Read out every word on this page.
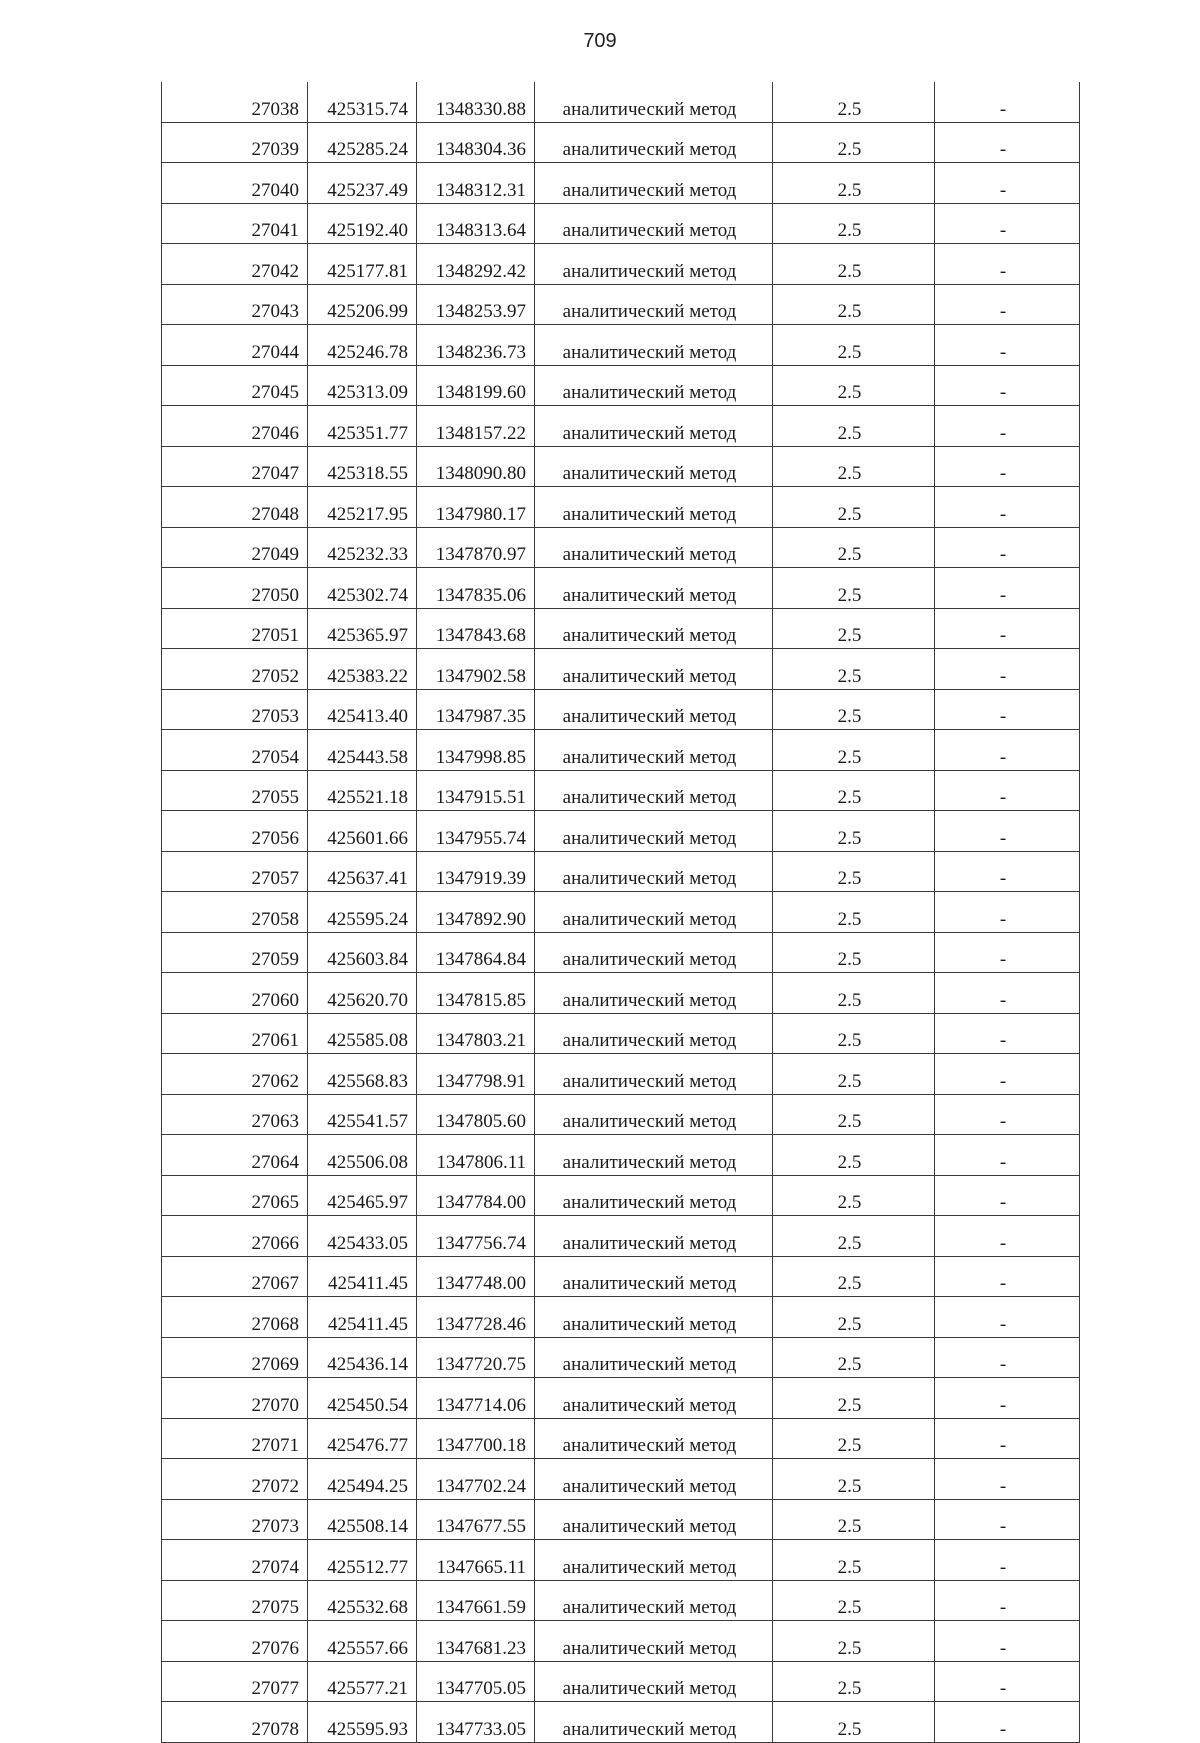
709
27038	425315.74	1348330.88	аналитический метод	2.5	-
27039	425285.24	1348304.36	аналитический метод	2.5	-
27040	425237.49	1348312.31	аналитический метод	2.5	-
27041	425192.40	1348313.64	аналитический метод	2.5	-
27042	425177.81	1348292.42	аналитический метод	2.5	-
27043	425206.99	1348253.97	аналитический метод	2.5	-
27044	425246.78	1348236.73	аналитический метод	2.5	-
27045	425313.09	1348199.60	аналитический метод	2.5	-
27046	425351.77	1348157.22	аналитический метод	2.5	-
27047	425318.55	1348090.80	аналитический метод	2.5	-
27048	425217.95	1347980.17	аналитический метод	2.5	-
27049	425232.33	1347870.97	аналитический метод	2.5	-
27050	425302.74	1347835.06	аналитический метод	2.5	-
27051	425365.97	1347843.68	аналитический метод	2.5	-
27052	425383.22	1347902.58	аналитический метод	2.5	-
27053	425413.40	1347987.35	аналитический метод	2.5	-
27054	425443.58	1347998.85	аналитический метод	2.5	-
27055	425521.18	1347915.51	аналитический метод	2.5	-
27056	425601.66	1347955.74	аналитический метод	2.5	-
27057	425637.41	1347919.39	аналитический метод	2.5	-
27058	425595.24	1347892.90	аналитический метод	2.5	-
27059	425603.84	1347864.84	аналитический метод	2.5	-
27060	425620.70	1347815.85	аналитический метод	2.5	-
27061	425585.08	1347803.21	аналитический метод	2.5	-
27062	425568.83	1347798.91	аналитический метод	2.5	-
27063	425541.57	1347805.60	аналитический метод	2.5	-
27064	425506.08	1347806.11	аналитический метод	2.5	-
27065	425465.97	1347784.00	аналитический метод	2.5	-
27066	425433.05	1347756.74	аналитический метод	2.5	-
27067	425411.45	1347748.00	аналитический метод	2.5	-
27068	425411.45	1347728.46	аналитический метод	2.5	-
27069	425436.14	1347720.75	аналитический метод	2.5	-
27070	425450.54	1347714.06	аналитический метод	2.5	-
27071	425476.77	1347700.18	аналитический метод	2.5	-
27072	425494.25	1347702.24	аналитический метод	2.5	-
27073	425508.14	1347677.55	аналитический метод	2.5	-
27074	425512.77	1347665.11	аналитический метод	2.5	-
27075	425532.68	1347661.59	аналитический метод	2.5	-
27076	425557.66	1347681.23	аналитический метод	2.5	-
27077	425577.21	1347705.05	аналитический метод	2.5	-
27078	425595.93	1347733.05	аналитический метод	2.5	-
